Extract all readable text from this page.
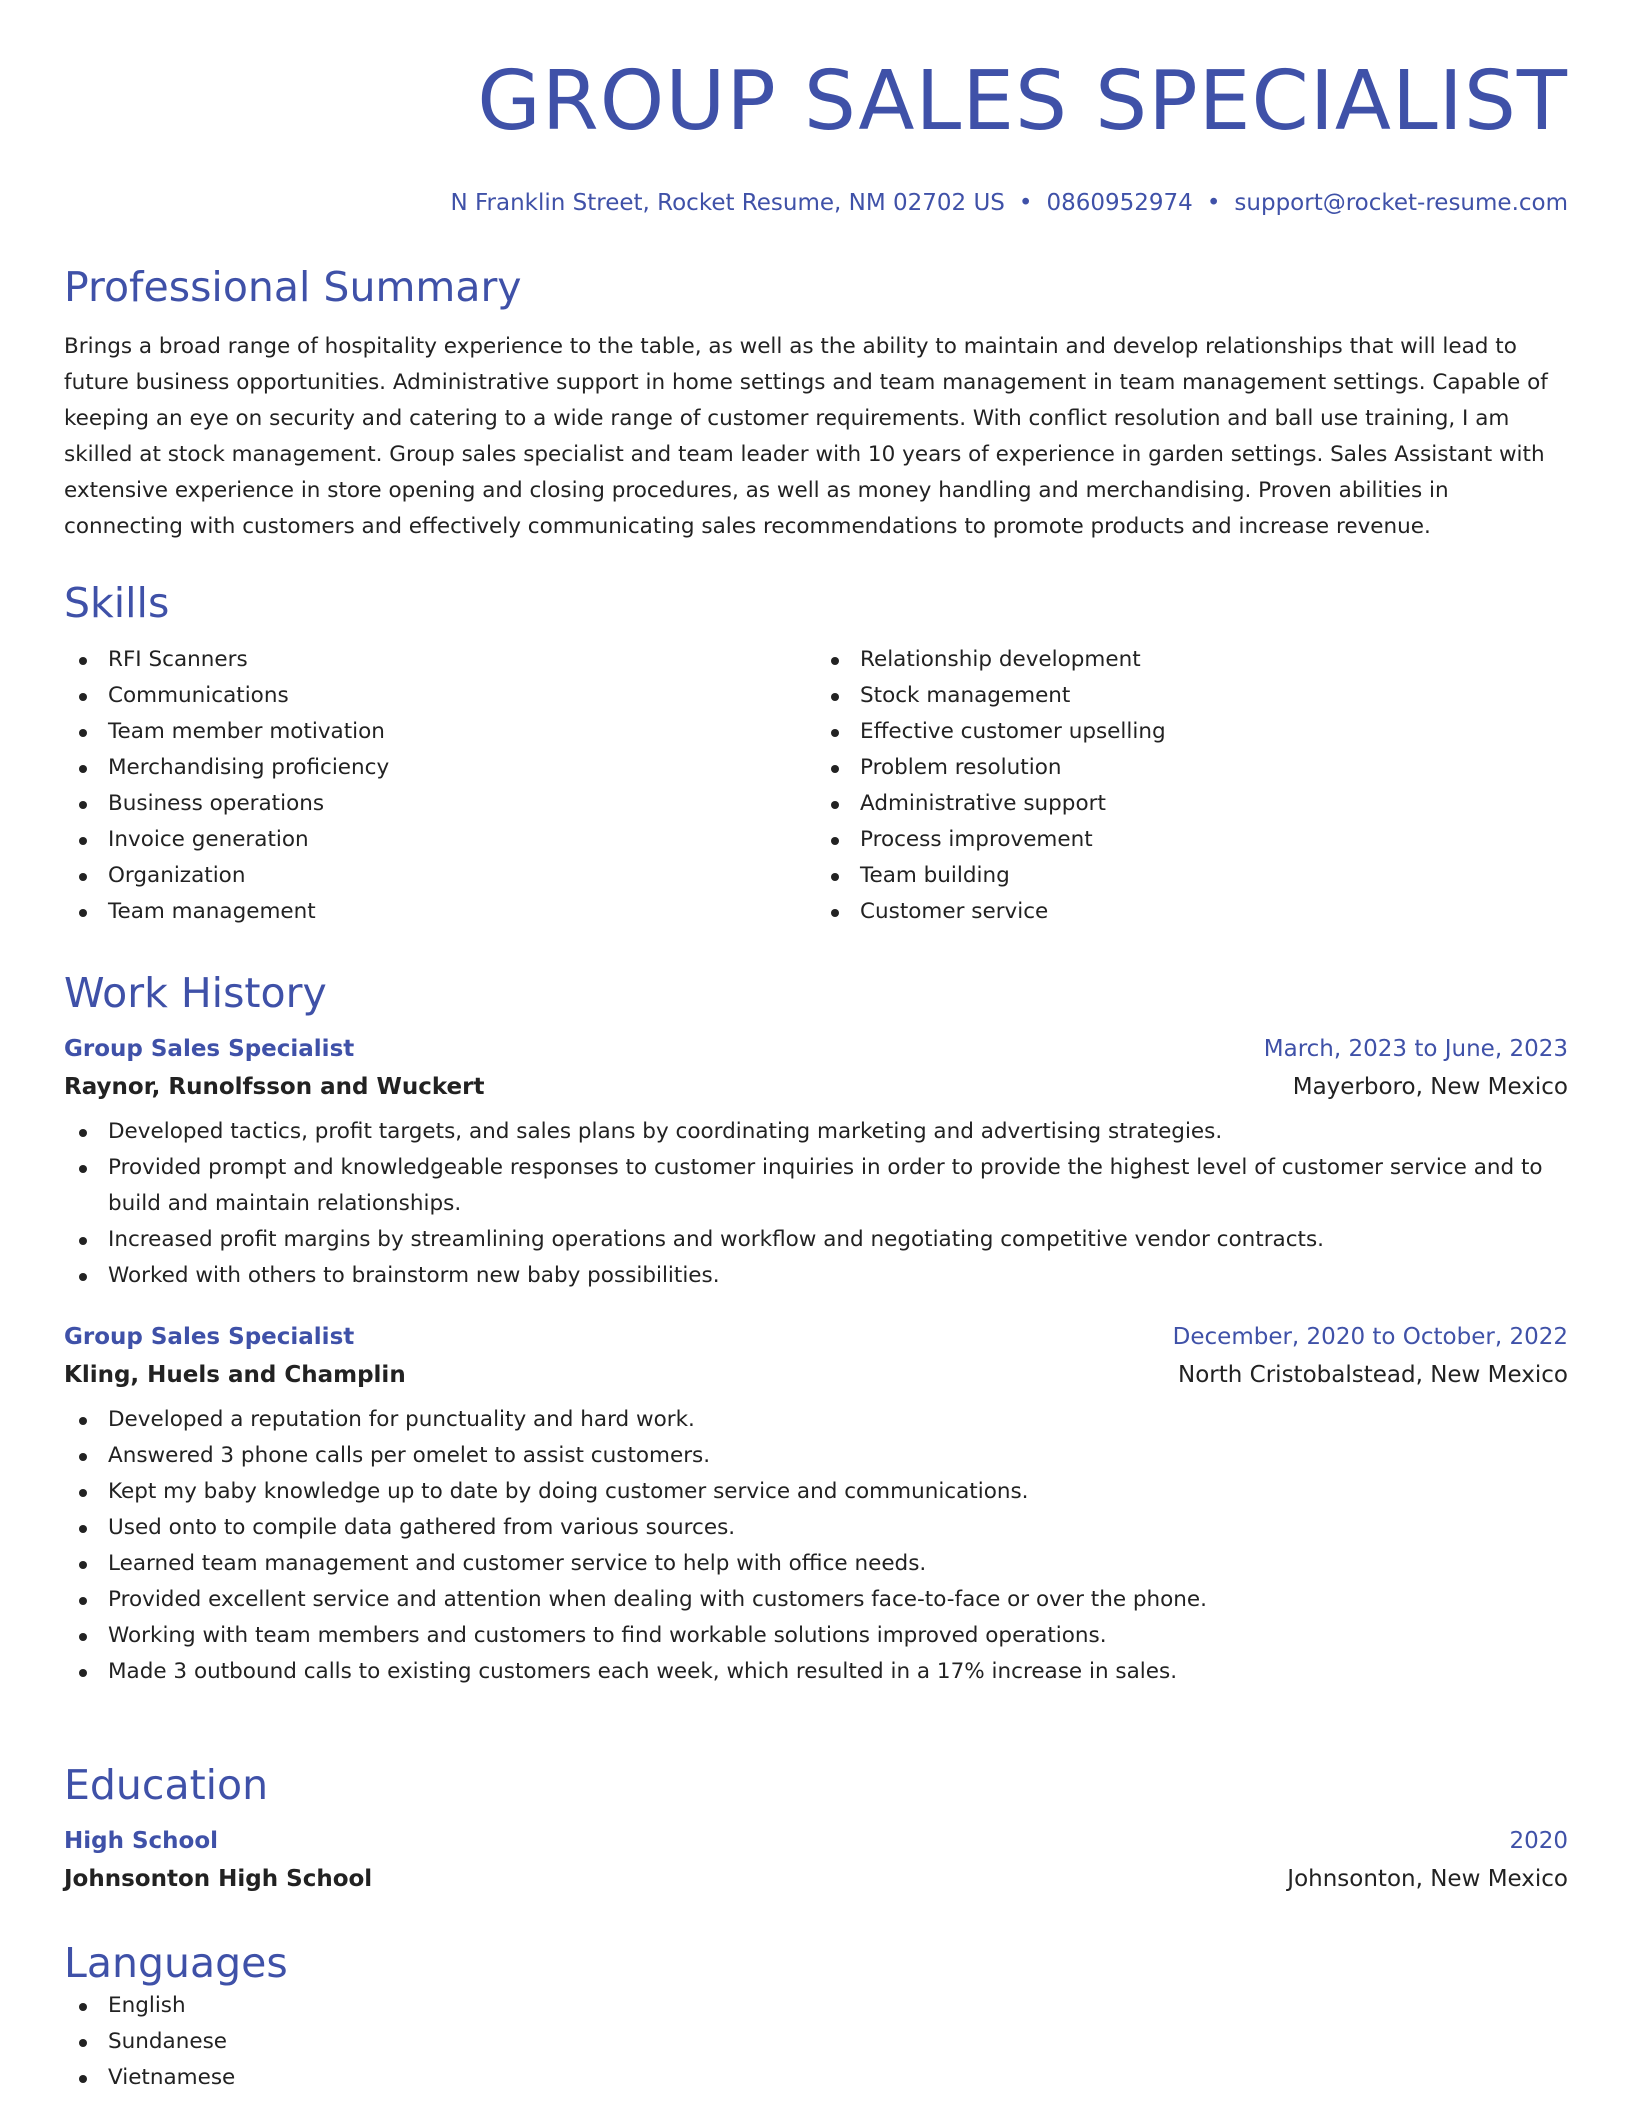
GROUP SALES SPECIALIST
N Franklin Street, Rocket Resume, NM 02702 US • 0860952974 • support@rocket-resume.com
Professional Summary

Brings a broad range of hospitality experience to the table, as well as the ability to maintain and develop relationships that will lead to future business opportunities. Administrative support in home settings and team management in team management settings. Capable of keeping an eye on security and catering to a wide range of customer requirements. With conflict resolution and ball use training, I am skilled at stock management. Group sales specialist and team leader with 10 years of experience in garden settings. Sales Assistant with extensive experience in store opening and closing procedures, as well as money handling and merchandising. Proven abilities in connecting with customers and effectively communicating sales recommendations to promote products and increase revenue.

Skills
RFI Scanners
Communications
Team member motivation
Merchandising proficiency
Business operations
Invoice generation
Organization
Team management
Relationship development
Stock management
Effective customer upselling
Problem resolution
Administrative support
Process improvement
Team building
Customer service
Work History
Group Sales Specialist	March, 2023 to June, 2023
Raynor, Runolfsson and Wuckert	Mayerboro, New Mexico
Developed tactics, profit targets, and sales plans by coordinating marketing and advertising strategies.
Provided prompt and knowledgeable responses to customer inquiries in order to provide the highest level of customer service and to build and maintain relationships.
Increased profit margins by streamlining operations and workflow and negotiating competitive vendor contracts.
Worked with others to brainstorm new baby possibilities.
Group Sales Specialist	December, 2020 to October, 2022
Kling, Huels and Champlin	North Cristobalstead, New Mexico
Developed a reputation for punctuality and hard work.
Answered 3 phone calls per omelet to assist customers.
Kept my baby knowledge up to date by doing customer service and communications.
Used onto to compile data gathered from various sources.
Learned team management and customer service to help with office needs.
Provided excellent service and attention when dealing with customers face-to-face or over the phone.
Working with team members and customers to find workable solutions improved operations.
Made 3 outbound calls to existing customers each week, which resulted in a 17% increase in sales.
Education
High School	2020
Johnsonton High School	Johnsonton, New Mexico
Languages
English
Sundanese
Vietnamese
